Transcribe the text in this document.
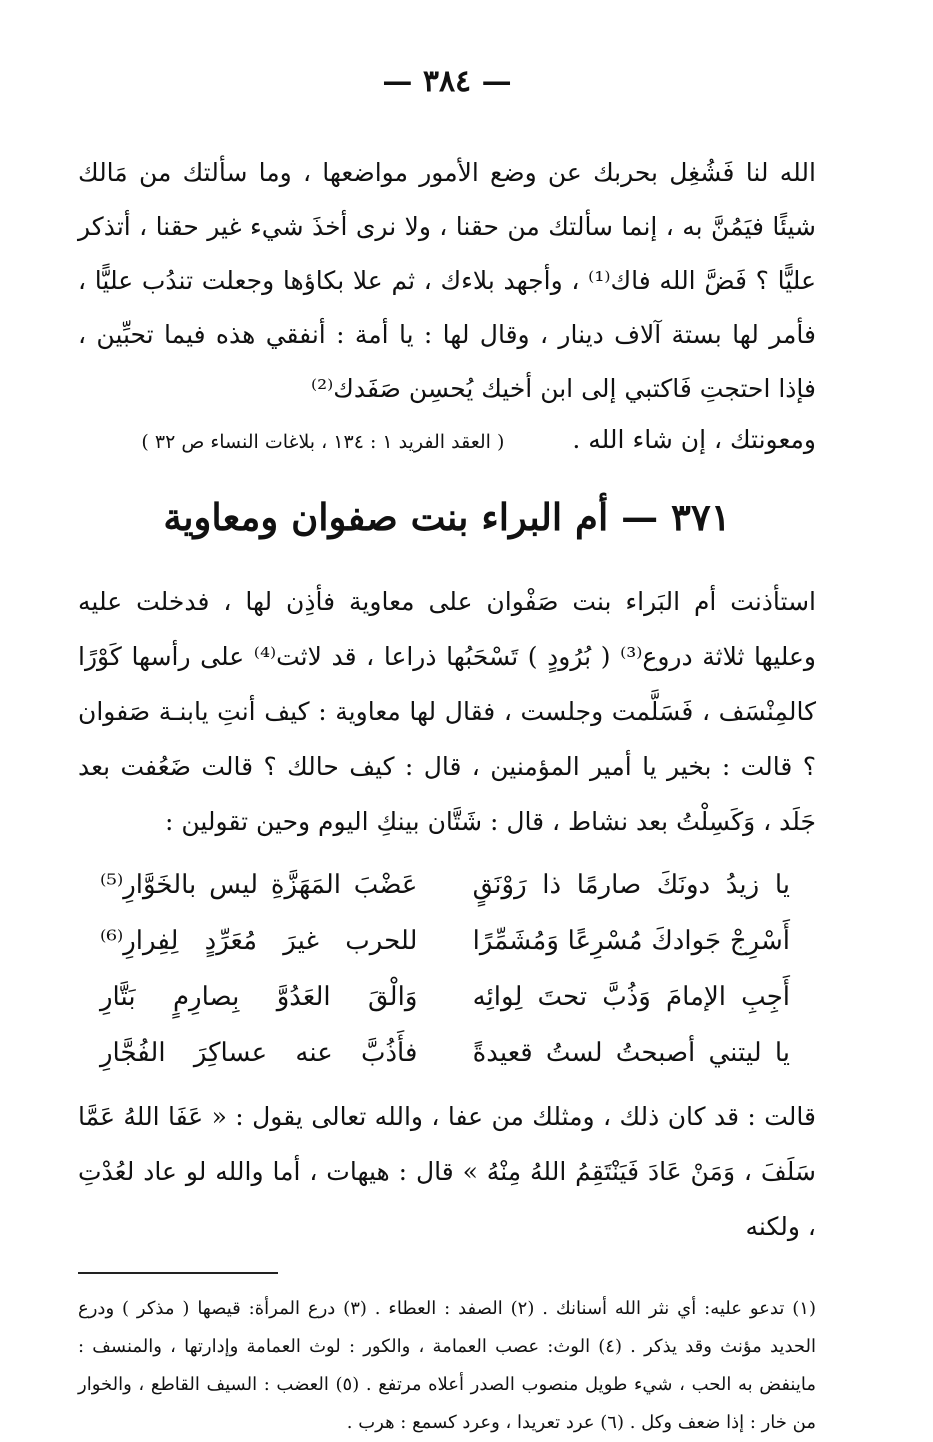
— ٣٨٤ —

الله لنا فَشُغِل بحربك عن وضع الأمور مواضعها ، وما سألتك من مَالك شيئًا فيَمُنَّ به ، إنما سألتك من حقنا ، ولا نرى أخذَ شيء غير حقنا ، أتذكر عليًّا ؟ فَضَّ الله فاك⁽¹⁾ ، وأجهد بلاءك ، ثم علا بكاؤها وجعلت تندُب عليًّا ، فأمر لها بستة آلاف دينار ، وقال لها : يا أمة : أنفقي هذه فيما تحبِّين ، فإذا احتجتِ فَاكتبي إلى ابن أخيك يُحسِن صَفَدك⁽²⁾

ومعونتك ، إن شاء الله . ( العقد الفريد ١ : ١٣٤ ، بلاغات النساء ص ٣٢ )
٣٧١ — أم البراء بنت صفوان ومعاوية

استأذنت أم البَراء بنت صَفْوان على معاوية فأذِن لها ، فدخلت عليه وعليها ثلاثة دروع⁽³⁾ ( بُرُودٍ ) تَسْحَبُها ذراعا ، قد لاثت⁽⁴⁾ على رأسها كَوْرًا كالمِنْسَف ، فَسَلَّمت وجلست ، فقال لها معاوية : كيف أنتِ يابنـة صَفوان ؟ قالت : بخير يا أمير المؤمنين ، قال : كيف حالك ؟ قالت ضَعُفت بعد جَلَد ، وَكَسِلْتُ بعد نشاط ، قال : شَتَّان بينكِ اليوم وحين تقولين :

يا زيدُ دونَكَ صارمًا ذا رَوْنَقٍ
عَضْبَ المَهَزَّةِ ليس بالخَوَّارِ⁽⁵⁾
أَسْرِجْ جَوادكَ مُسْرِعًا وَمُشَمِّرًا
للحرب غيرَ مُعَرِّدٍ لِفِرارِ⁽⁶⁾
أَجِبِ الإمامَ وَذُبَّ تحتَ لِوائِه
وَالْقَ العَدُوَّ بِصارِمٍ بَتَّارِ
يا ليتني أصبحتُ لستُ قعيدةً
فأَذُبَّ عنه عساكِرَ الفُجَّارِ

قالت : قد كان ذلك ، ومثلك من عفا ، والله تعالى يقول : « عَفَا اللهُ عَمَّا سَلَفَ ، وَمَنْ عَادَ فَيَنْتَقِمُ اللهُ مِنْهُ » قال : هيهات ، أما والله لو عاد لعُدْتِ ، ولكنه

(١) تدعو عليه: أي نثر الله أسنانك . (٢) الصفد : العطاء . (٣) درع المرأة: قيصها ( مذكر ) ودرع الحديد مؤنث وقد يذكر . (٤) الوث: عصب العمامة ، والكور : لوث العمامة وإدارتها ، والمنسف : ماينفض به الحب ، شيء طويل منصوب الصدر أعلاه مرتفع . (٥) العضب : السيف القاطع ، والخوار من خار : إذا ضعف وكل . (٦) عرد تعريدا ، وعرد كسمع : هرب .
